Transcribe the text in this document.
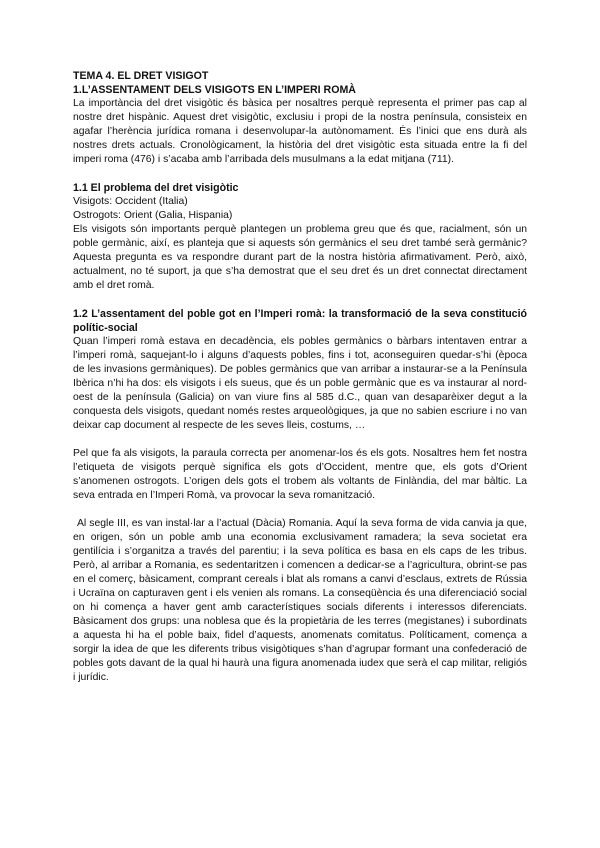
TEMA 4. EL DRET VISIGOT

1.L’ASSENTAMENT DELS VISIGOTS EN L’IMPERI ROMÀ

La importància del dret visigòtic és bàsica per nosaltres perquè representa el primer pas cap al nostre dret hispànic. Aquest dret visigòtic, exclusiu i propi de la nostra península, consisteix en agafar l’herència jurídica romana i desenvolupar-la autònomament. És l’inici que ens durà als nostres drets actuals. Cronològicament, la història del dret visigòtic esta situada entre la fi del imperi roma (476) i s’acaba amb l’arribada dels musulmans a la edat mitjana (711).

1.1 El problema del dret visigòtic

Visigots: Occident (Italia)

Ostrogots: Orient (Galia, Hispania)

Els visigots són importants perquè plantegen un problema greu que és que, racialment, són un poble germànic, així, es planteja que si aquests són germànics el seu dret també serà germànic? Aquesta pregunta es va respondre durant part de la nostra història afirmativament. Però, això, actualment, no té suport, ja que s’ha demostrat que el seu dret és un dret connectat directament amb el dret romà.

1.2 L’assentament del poble got en l’Imperi romà: la transformació de la seva constitució polític-social

Quan l’imperi romà estava en decadència, els pobles germànics o bàrbars intentaven entrar a l’imperi romà, saquejant-lo i alguns d’aquests pobles, fins i tot, aconseguiren quedar-s’hi (època de les invasions germàniques). De pobles germànics que van arribar a instaurar-se a la Península Ibèrica n’hi ha dos: els visigots i els sueus, que és un poble germànic que es va instaurar al nord-oest de la península (Galicia) on van viure fins al 585 d.C., quan van desaparèixer degut a la conquesta dels visigots, quedant només restes arqueològiques, ja que no sabien escriure i no van deixar cap document al respecte de les seves lleis, costums, …

Pel que fa als visigots, la paraula correcta per anomenar-los és els gots. Nosaltres hem fet nostra l’etiqueta de visigots perquè significa els gots d’Occident, mentre que, els gots d’Orient s’anomenen ostrogots. L’origen dels gots el trobem als voltants de Finlàndia, del mar bàltic. La seva entrada en l’Imperi Romà, va provocar la seva romanització.

Al segle III, es van instal·lar a l’actual (Dàcia) Romania. Aquí la seva forma de vida canvia ja que, en origen, són un poble amb una economia exclusivament ramadera; la seva societat era gentilícia i s’organitza a través del parentiu; i la seva política es basa en els caps de les tribus. Però, al arribar a Romania, es sedentaritzen i comencen a dedicar-se a l’agricultura, obrint-se pas en el comerç, bàsicament, comprant cereals i blat als romans a canvi d’esclaus, extrets de Rússia i Ucraïna on capturaven gent i els venien als romans. La conseqüència és una diferenciació social on hi comença a haver gent amb característiques socials diferents i interessos diferenciats. Bàsicament dos grups: una noblesa que és la propietària de les terres (megistanes) i subordinats a aquesta hi ha el poble baix, fidel d’aquests, anomenats comitatus. Políticament, comença a sorgir la idea de que les diferents tribus visigòtiques s’han d’agrupar formant una confederació de pobles gots davant de la qual hi haurà una figura anomenada iudex que serà el cap militar, religiós i jurídic.
